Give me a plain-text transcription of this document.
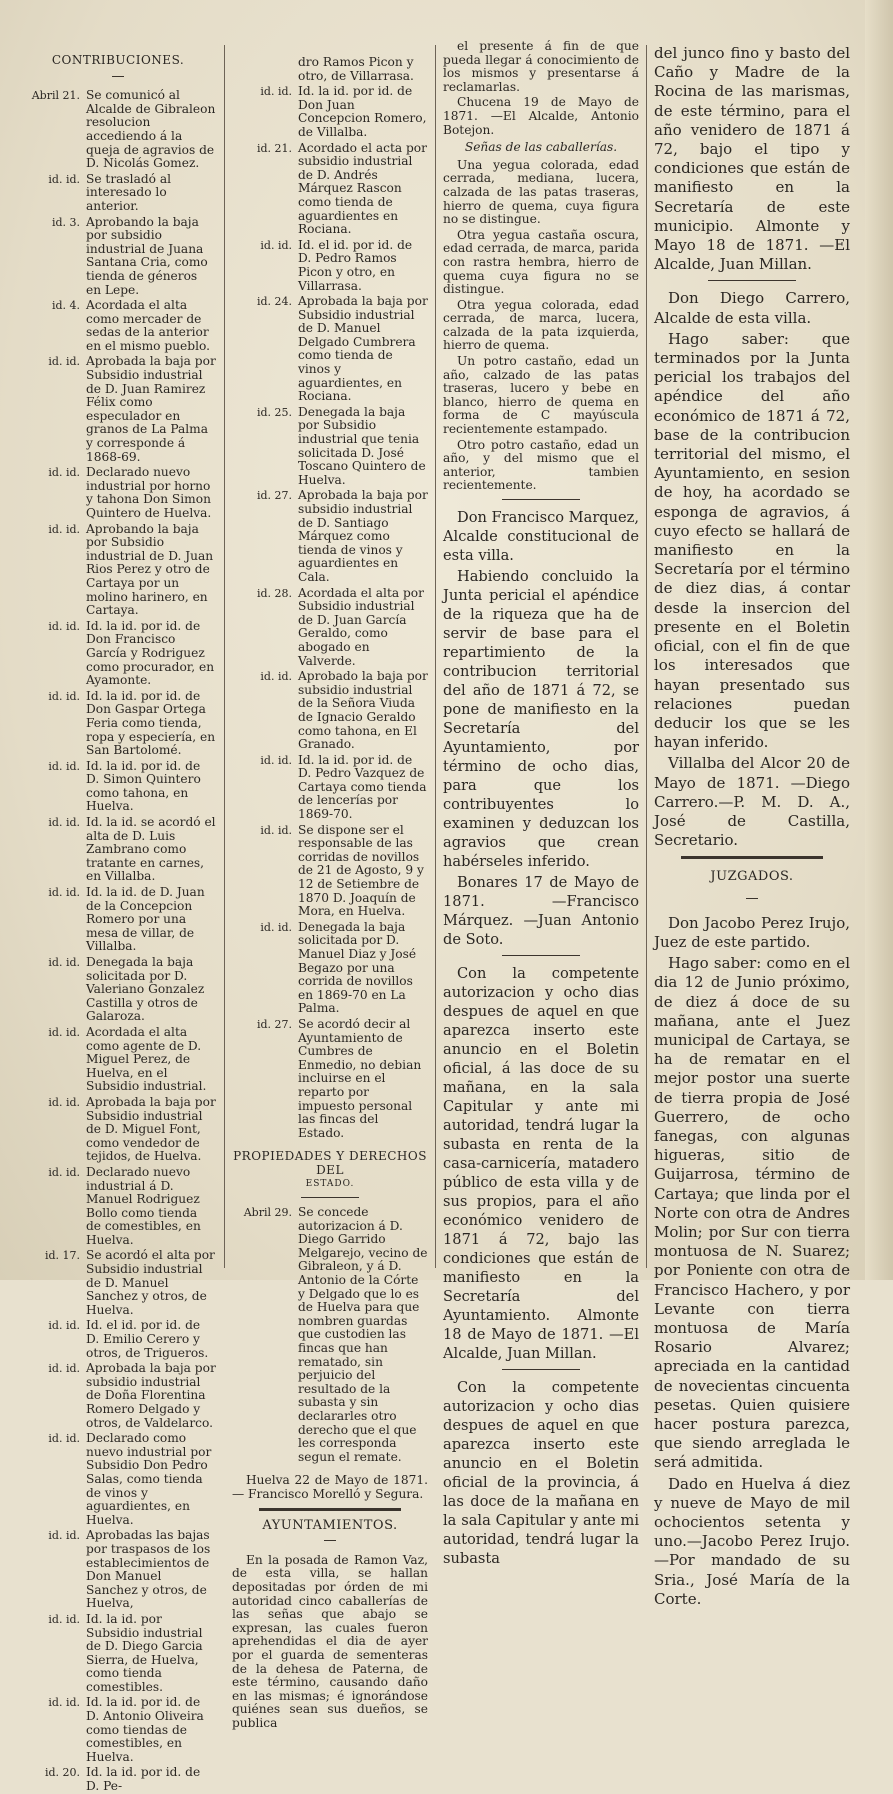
CONTRIBUCIONES.
Abril 21. Se comunicó al Alcalde de Gibraleon resolucion accediendo á la queja de agravios de D. Nicolás Gomez.
id. id. Se trasladó al interesado lo anterior.
id. 3. Aprobando la baja por subsidio industrial de Juana Santana Cria, como tienda de géneros en Lepe.
id. 4. Acordada el alta como mercader de sedas de la anterior en el mismo pueblo.
id. id. Aprobada la baja por Subsidio industrial de D. Juan Ramirez Félix como especulador en granos de La Palma y corresponde á 1868-69.
id. id. Declarado nuevo industrial por horno y tahona Don Simon Quintero de Huelva.
id. id. Aprobando la baja por Subsidio industrial de D. Juan Rios Perez y otro de Cartaya por un molino harinero, en Cartaya.
id. id. Id. la id. por id. de Don Francisco García y Rodriguez como procurador, en Ayamonte.
id. id. Id. la id. por id. de Don Gaspar Ortega Feria como tienda, ropa y especiería, en San Bartolomé.
id. id. Id. la id. por id. de D. Simon Quintero como tahona, en Huelva.
id. id. Id. la id. se acordó el alta de D. Luis Zambrano como tratante en carnes, en Villalba.
id. id. Id. la id. de D. Juan de la Concepcion Romero por una mesa de villar, de Villalba.
id. id. Denegada la baja solicitada por D. Valeriano Gonzalez Castilla y otros de Galaroza.
id. id. Acordada el alta como agente de D. Miguel Perez, de Huelva, en el Subsidio industrial.
id. id. Aprobada la baja por Subsidio industrial de D. Miguel Font, como vendedor de tejidos, de Huelva.
id. id. Declarado nuevo industrial á D. Manuel Rodriguez Bollo como tienda de comestibles, en Huelva.
id. 17. Se acordó el alta por Subsidio industrial de D. Manuel Sanchez y otros, de Huelva.
id. id. Id. el id. por id. de D. Emilio Cerero y otros, de Trigueros.
id. id. Aprobada la baja por subsidio industrial de Doña Florentina Romero Delgado y otros, de Valdelarco.
id. id. Declarado como nuevo industrial por Subsidio Don Pedro Salas, como tienda de vinos y aguardientes, en Huelva.
id. id. Aprobadas las bajas por traspasos de los establecimientos de Don Manuel Sanchez y otros, de Huelva,
id. id. Id. la id. por Subsidio industrial de D. Diego Garcia Sierra, de Huelva, como tienda comestibles.
id. id. Id. la id. por id. de D. Antonio Oliveira como tiendas de comestibles, en Huelva.
id. 20. Id. la id. por id. de D. Pe-
dro Ramos Picon y otro, de Villarrasa.
id. id. Id. la id. por id. de Don Juan Concepcion Romero, de Villalba.
id. 21. Acordado el acta por subsidio industrial de D. Andrés Márquez Rascon como tienda de aguardientes en Rociana.
id. id. Id. el id. por id. de D. Pedro Ramos Picon y otro, en Villarrasa.
id. 24. Aprobada la baja por Subsidio industrial de D. Manuel Delgado Cumbrera como tienda de vinos y aguardientes, en Rociana.
id. 25. Denegada la baja por Subsidio industrial que tenia solicitada D. José Toscano Quintero de Huelva.
id. 27. Aprobada la baja por subsidio industrial de D. Santiago Márquez como tienda de vinos y aguardientes en Cala.
id. 28. Acordada el alta por Subsidio industrial de D. Juan García Geraldo, como abogado en Valverde.
id. id. Aprobado la baja por subsidio industrial de la Señora Viuda de Ignacio Geraldo como tahona, en El Granado.
id. id. Id. la id. por id. de D. Pedro Vazquez de Cartaya como tienda de lencerías por 1869-70.
id. id. Se dispone ser el responsable de las corridas de novillos de 21 de Agosto, 9 y 12 de Setiembre de 1870 D. Joaquín de Mora, en Huelva.
id. id. Denegada la baja solicitada por D. Manuel Diaz y José Begazo por una corrida de novillos en 1869-70 en La Palma.
id. 27. Se acordó decir al Ayuntamiento de Cumbres de Enmedio, no debian incluirse en el reparto por impuesto personal las fincas del Estado.
PROPIEDADES Y DERECHOS DEL
ESTADO.
Abril 29. Se concede autorizacion á D. Diego Garrido Melgarejo, vecino de Gibraleon, y á D. Antonio de la Córte y Delgado que lo es de Huelva para que nombren guardas que custodien las fincas que han rematado, sin perjuicio del resultado de la subasta y sin declararles otro derecho que el que les corresponda segun el remate.

Huelva 22 de Mayo de 1871.— Francisco Morelló y Segura.

AYUNTAMIENTOS.

En la posada de Ramon Vaz, de esta villa, se hallan depositadas por órden de mi autoridad cinco caballerías de las señas que abajo se expresan, las cuales fueron aprehendidas el dia de ayer por el guarda de sementeras de la dehesa de Paterna, de este término, causando daño en las mismas; é ignorándose quiénes sean sus dueños, se publica

el presente á fin de que pueda llegar á conocimiento de los mismos y presentarse á reclamarlas.

Chucena 19 de Mayo de 1871. —El Alcalde, Antonio Botejon.

Señas de las caballerías.

Una yegua colorada, edad cerrada, mediana, lucera, calzada de las patas traseras, hierro de quema, cuya figura no se distingue.

Otra yegua castaña oscura, edad cerrada, de marca, parida con rastra hembra, hierro de quema cuya figura no se distingue.

Otra yegua colorada, edad cerrada, de marca, lucera, calzada de la pata izquierda, hierro de quema.

Un potro castaño, edad un año, calzado de las patas traseras, lucero y bebe en blanco, hierro de quema en forma de C mayúscula recientemente estampado.

Otro potro castaño, edad un año, y del mismo que el anterior, tambien recientemente.

Don Francisco Marquez, Alcalde constitucional de esta villa.

Habiendo concluido la Junta pericial el apéndice de la riqueza que ha de servir de base para el repartimiento de la contribucion territorial del año de 1871 á 72, se pone de manifiesto en la Secretaría del Ayuntamiento, por término de ocho dias, para que los contribuyentes lo examinen y deduzcan los agravios que crean habérseles inferido.

Bonares 17 de Mayo de 1871. —Francisco Márquez. —Juan Antonio de Soto.

Con la competente autorizacion y ocho dias despues de aquel en que aparezca inserto este anuncio en el Boletin oficial, á las doce de su mañana, en la sala Capitular y ante mi autoridad, tendrá lugar la subasta en renta de la casa-carnicería, matadero público de esta villa y de sus propios, para el año económico venidero de 1871 á 72, bajo las condiciones que están de manifiesto en la Secretaría del Ayuntamiento. Almonte 18 de Mayo de 1871. —El Alcalde, Juan Millan.

Con la competente autorizacion y ocho dias despues de aquel en que aparezca inserto este anuncio en el Boletin oficial de la provincia, á las doce de la mañana en la sala Capitular y ante mi autoridad, tendrá lugar la subasta

del junco fino y basto del Caño y Madre de la Rocina de las marismas, de este término, para el año venidero de 1871 á 72, bajo el tipo y condiciones que están de manifiesto en la Secretaría de este municipio. Almonte y Mayo 18 de 1871. —El Alcalde, Juan Millan.

Don Diego Carrero, Alcalde de esta villa.

Hago saber: que terminados por la Junta pericial los trabajos del apéndice del año económico de 1871 á 72, base de la contribucion territorial del mismo, el Ayuntamiento, en sesion de hoy, ha acordado se esponga de agravios, á cuyo efecto se hallará de manifiesto en la Secretaría por el término de diez dias, á contar desde la insercion del presente en el Boletin oficial, con el fin de que los interesados que hayan presentado sus relaciones puedan deducir los que se les hayan inferido.

Villalba del Alcor 20 de Mayo de 1871. —Diego Carrero.—P. M. D. A., José de Castilla, Secretario.

JUZGADOS.

Don Jacobo Perez Irujo, Juez de este partido.

Hago saber: como en el dia 12 de Junio próximo, de diez á doce de su mañana, ante el Juez municipal de Cartaya, se ha de rematar en el mejor postor una suerte de tierra propia de José Guerrero, de ocho fanegas, con algunas higueras, sitio de Guijarrosa, término de Cartaya; que linda por el Norte con otra de Andres Molin; por Sur con tierra montuosa de N. Suarez; por Poniente con otra de Francisco Hachero, y por Levante con tierra montuosa de María Rosario Alvarez; apreciada en la cantidad de novecientas cincuenta pesetas. Quien quisiere hacer postura parezca, que siendo arreglada le será admitida.

Dado en Huelva á diez y nueve de Mayo de mil ochocientos setenta y uno.—Jacobo Perez Irujo.—Por mandado de su Sria., José María de la Corte.
